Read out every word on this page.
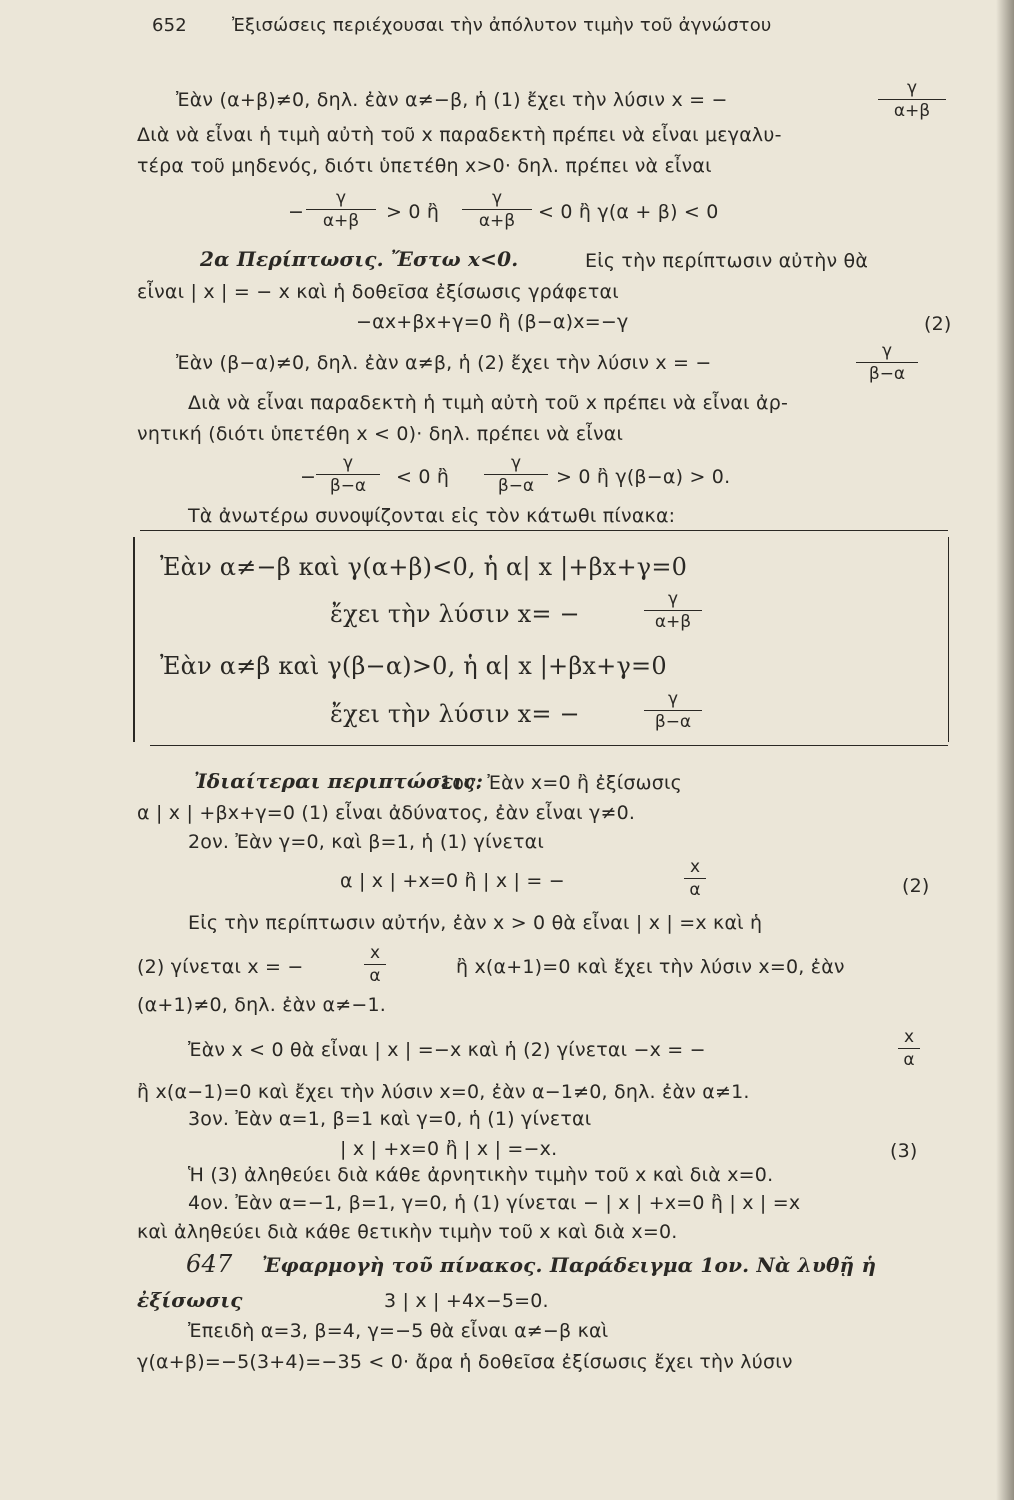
652	Ἐξισώσεις περιέχουσαι τὴν ἀπόλυτον τιμὴν τοῦ ἀγνώστου
Ἐὰν (α+β)≠0, δηλ. ἐὰν α≠−β, ἡ (1) ἔχει τὴν λύσιν x = −
γ
α+β
Διὰ νὰ εἶναι ἡ τιμὴ αὐτὴ τοῦ x παραδεκτὴ πρέπει νὰ εἶναι μεγαλυ-
τέρα τοῦ μηδενός, διότι ὑπετέθη x>0· δηλ. πρέπει νὰ εἶναι
−
γ
α+β	> 0 ἢ
γ
α+β	< 0 ἢ γ(α + β) < 0
2α Περίπτωσις. Ἔστω x<0.	Εἰς τὴν περίπτωσιν αὐτὴν θὰ
εἶναι | x | = − x καὶ ἡ δοθεῖσα ἐξίσωσις γράφεται
−αx+βx+γ=0 ἢ (β−α)x=−γ	(2)
Ἐὰν (β−α)≠0, δηλ. ἐὰν α≠β, ἡ (2) ἔχει τὴν λύσιν x = −
γ
β−α
Διὰ νὰ εἶναι παραδεκτὴ ἡ τιμὴ αὐτὴ τοῦ x πρέπει νὰ εἶναι ἀρ-
νητική (διότι ὑπετέθη x < 0)· δηλ. πρέπει νὰ εἶναι
−
γ
β−α	< 0 ἢ
γ
β−α	> 0 ἢ γ(β−α) > 0.
Τὰ ἀνωτέρω συνοψίζονται εἰς τὸν κάτωθι πίνακα:
Ἐὰν α≠−β καὶ γ(α+β)<0, ἡ α| x |+βx+γ=0
ἔχει τὴν λύσιν x= −
γ
α+β
Ἐὰν α≠β καὶ γ(β−α)>0, ἡ α| x |+βx+γ=0
ἔχει τὴν λύσιν x= −
γ
β−α
Ἰδιαίτεραι περιπτώσεις:
1ον. Ἐὰν x=0 ἢ ἐξίσωσις
α | x | +βx+γ=0 (1) εἶναι ἀδύνατος, ἐὰν εἶναι γ≠0.
2ον. Ἐὰν γ=0, καὶ β=1, ἡ (1) γίνεται
α | x | +x=0 ἢ | x | = −
x
α	(2)
Εἰς τὴν περίπτωσιν αὐτήν, ἐὰν x > 0 θὰ εἶναι | x | =x καὶ ἡ
(2) γίνεται x = −
x
α	ἢ x(α+1)=0 καὶ ἔχει τὴν λύσιν x=0, ἐὰν
(α+1)≠0, δηλ. ἐὰν α≠−1.
Ἐὰν x < 0 θὰ εἶναι | x | =−x καὶ ἡ (2) γίνεται −x = −
x
α
ἢ x(α−1)=0 καὶ ἔχει τὴν λύσιν x=0, ἐὰν α−1≠0, δηλ. ἐὰν α≠1.
3ον. Ἐὰν α=1, β=1 καὶ γ=0, ἡ (1) γίνεται
| x | +x=0 ἢ | x | =−x.	(3)
Ἡ (3) ἀληθεύει διὰ κάθε ἀρνητικὴν τιμὴν τοῦ x καὶ διὰ x=0.
4ον. Ἐὰν α=−1, β=1, γ=0, ἡ (1) γίνεται − | x | +x=0 ἢ | x | =x
καὶ ἀληθεύει διὰ κάθε θετικὴν τιμὴν τοῦ x καὶ διὰ x=0.
647 Ἐφαρμογὴ τοῦ πίνακος. Παράδειγμα 1ον. Νὰ λυθῇ ἡ
ἐξίσωσις	3 | x | +4x−5=0.
Ἐπειδὴ α=3, β=4, γ=−5 θὰ εἶναι α≠−β καὶ
γ(α+β)=−5(3+4)=−35 < 0· ἄρα ἡ δοθεῖσα ἐξίσωσις ἔχει τὴν λύσιν
